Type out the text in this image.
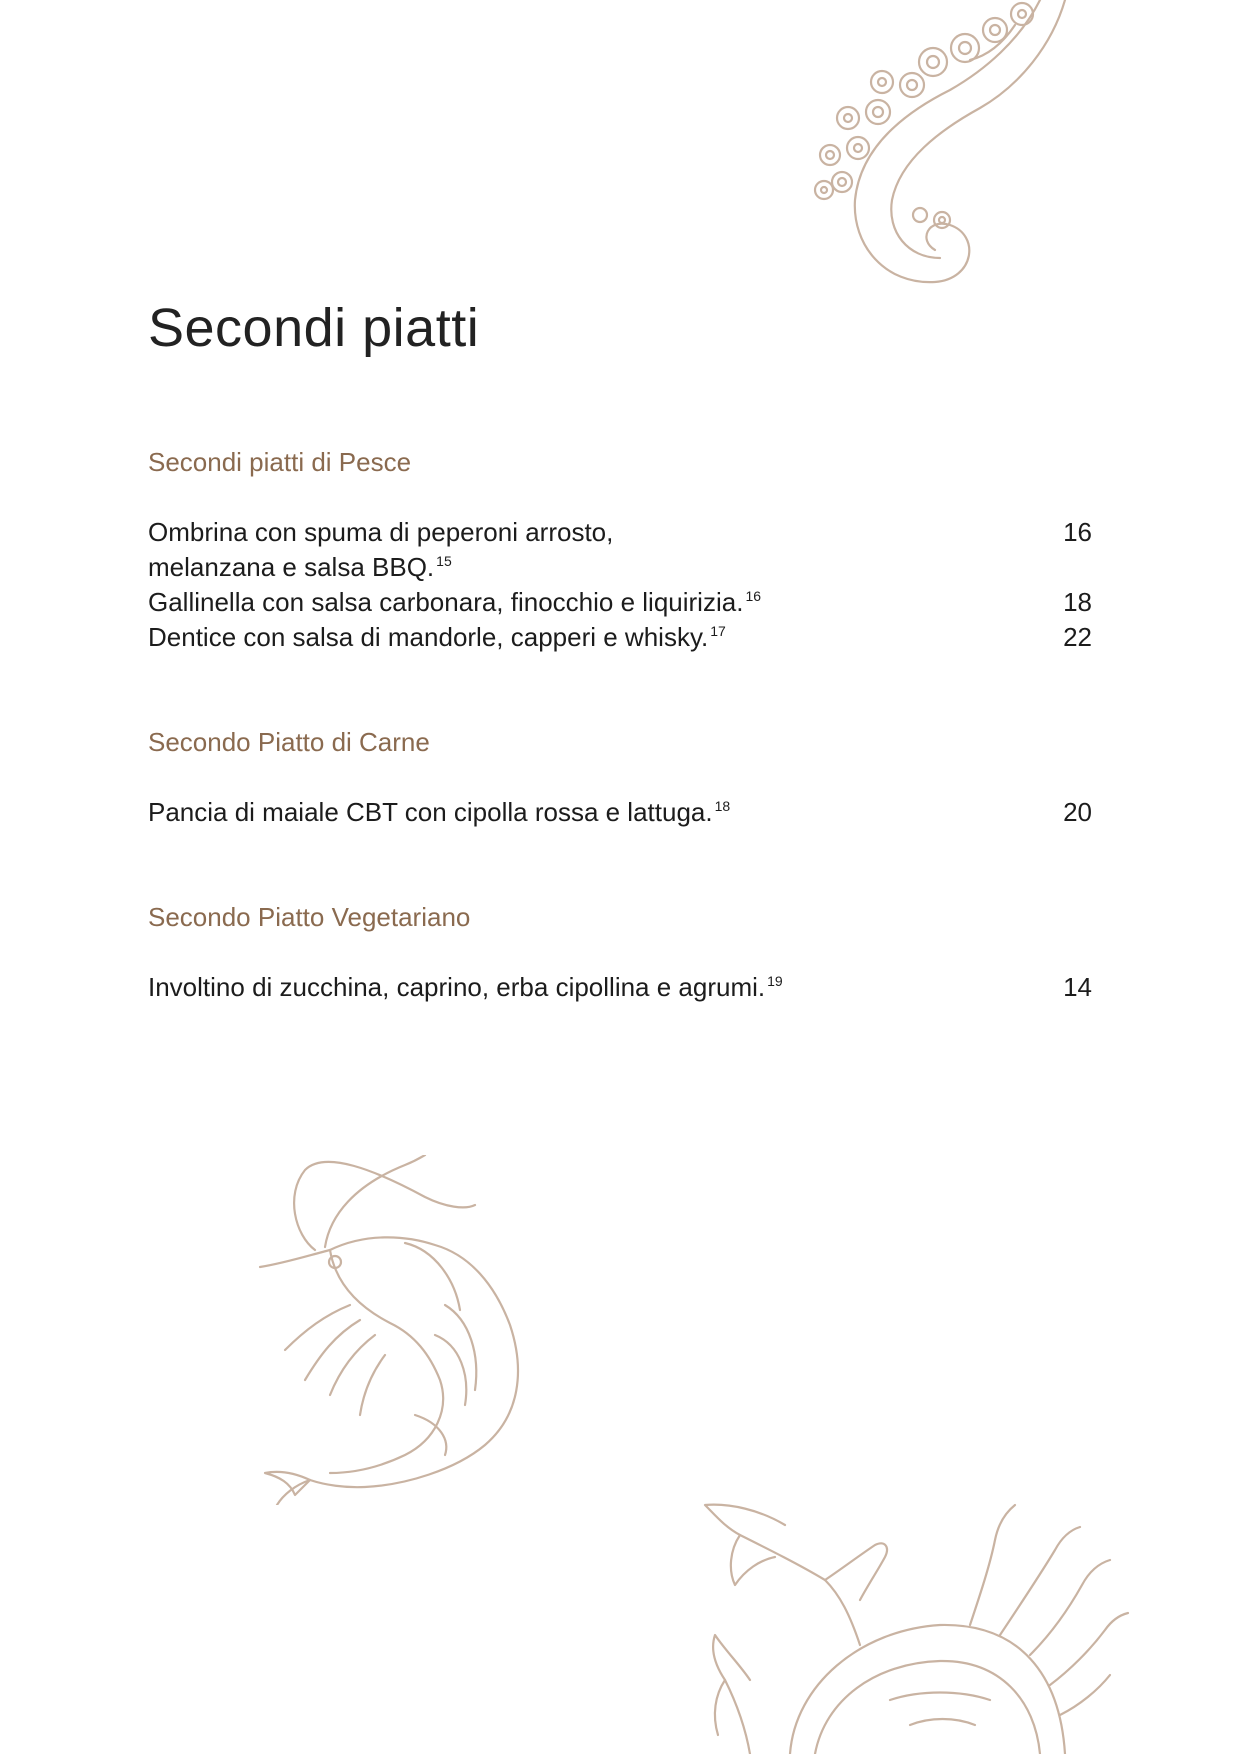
Secondi piatti
Secondi piatti di Pesce
Ombrina con spuma di peperoni arrosto,
melanzana e salsa BBQ. $^{15}$
16
Gallinella con salsa carbonara, finocchio e liquirizia. $^{16}$	18
Dentice con salsa di mandorle, capperi e whisky. $^{17}$	22
Secondo Piatto di Carne
Pancia di maiale CBT con cipolla rossa e lattuga. $^{18}$	20
Secondo Piatto Vegetariano
Involtino di zucchina, caprino, erba cipollina e agrumi. $^{19}$	14
